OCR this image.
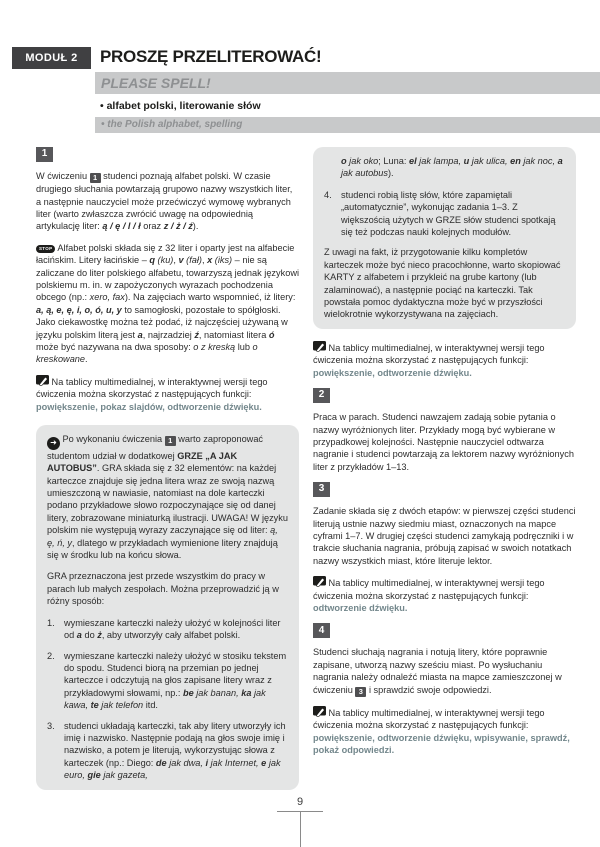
MODUŁ 2	PROSZĘ PRZELITEROWAĆ!
PLEASE SPELL!
• alfabet polski, literowanie słów
• the Polish alphabet, spelling
1

W ćwiczeniu 1 studenci poznają alfabet polski. W czasie drugiego słuchania powtarzają grupowo nazwy wszystkich liter, a następnie nauczyciel może przećwiczyć wymowę wybranych liter (warto zwłaszcza zwrócić uwagę na odpowiednią artykulację liter: ą / ę / l / ł oraz z / ż / ź).

STOP Alfabet polski składa się z 32 liter i oparty jest na alfabecie łacińskim. Litery łacińskie – q (ku), v (fał), x (iks) – nie są zaliczane do liter polskiego alfabetu, towarzyszą jednak językowi polskiemu m. in. w zapożyczonych wyrazach pochodzenia obcego (np.: xero, fax). Na zajęciach warto wspomnieć, iż litery: a, ą, e, ę, i, o, ó, u, y to samogłoski, pozostałe to spółgłoski. Jako ciekawostkę można też podać, iż najczęściej używaną w języku polskim literą jest a, najrzadziej ź, natomiast litera ó może być nazywana na dwa sposoby: o z kreską lub o kreskowane.

Na tablicy multimedialnej, w interaktywnej wersji tego ćwiczenia można skorzystać z następujących funkcji: powiększenie, pokaz slajdów, odtworzenie dźwięku.

➜ Po wykonaniu ćwiczenia 1 warto zaproponować studentom udział w dodatkowej GRZE „A JAK AUTOBUS”. GRA składa się z 32 elementów: na każdej karteczce znajduje się jedna litera wraz ze swoją nazwą umieszczoną w nawiasie, natomiast na dole karteczki podano przykładowe słowo rozpoczynające się od danej litery, zobrazowane miniaturką ilustracji. UWAGA! W języku polskim nie występują wyrazy zaczynające się od liter: ą, ę, ń, y, dlatego w przykładach wymienione litery znajdują się w środku lub na końcu słowa.

GRA przeznaczona jest przede wszystkim do pracy w parach lub małych zespołach. Można przeprowadzić ją w różny sposób:

1.	wymieszane karteczki należy ułożyć w kolejności liter od a do ż, aby utworzyły cały alfabet polski.
2.	wymieszane karteczki należy ułożyć w stosiku tekstem do spodu. Studenci biorą na przemian po jednej karteczce i odczytują na głos zapisane litery wraz z przykładowymi słowami, np.: be jak banan, ka jak kawa, te jak telefon itd.
3.	studenci układają karteczki, tak aby litery utworzyły ich imię i nazwisko. Następnie podają na głos swoje imię i nazwisko, a potem je literują, wykorzystując słowa z karteczek (np.: Diego: de jak dwa, i jak Internet, e jak euro, gie jak gazeta,

o jak oko; Luna: el jak lampa, u jak ulica, en jak noc, a jak autobus).

4.	studenci robią listę słów, które zapamiętali „automatycznie”, wykonując zadania 1–3. Z większością użytych w GRZE słów studenci spotkają się też podczas nauki kolejnych modułów.

Z uwagi na fakt, iż przygotowanie kilku kompletów karteczek może być nieco pracochłonne, warto skopiować KARTY z alfabetem i przykleić na grube kartony (lub zalaminować), a następnie pociąć na karteczki. Tak powstała pomoc dydaktyczna może być w przyszłości wielokrotnie wykorzystywana na zajęciach.

Na tablicy multimedialnej, w interaktywnej wersji tego ćwiczenia można skorzystać z następujących funkcji: powiększenie, odtworzenie dźwięku.

2

Praca w parach. Studenci nawzajem zadają sobie pytania o nazwy wyróżnionych liter. Przykłady mogą być wybierane w przypadkowej kolejności. Następnie nauczyciel odtwarza nagranie i studenci powtarzają za lektorem nazwy wyróżnionych liter z przykładów 1–13.

3

Zadanie składa się z dwóch etapów: w pierwszej części studenci literują ustnie nazwy siedmiu miast, oznaczonych na mapce cyframi 1–7. W drugiej części studenci zamykają podręczniki i w trakcie słuchania nagrania, próbują zapisać w swoich notatkach nazwy wszystkich miast, które literuje lektor.

Na tablicy multimedialnej, w interaktywnej wersji tego ćwiczenia można skorzystać z następujących funkcji: odtworzenie dźwięku.

4

Studenci słuchają nagrania i notują litery, które poprawnie zapisane, utworzą nazwy sześciu miast. Po wysłuchaniu nagrania należy odnaleźć miasta na mapce zamieszczonej w ćwiczeniu 3 i sprawdzić swoje odpowiedzi.

Na tablicy multimedialnej, w interaktywnej wersji tego ćwiczenia można skorzystać z następujących funkcji: powiększenie, odtworzenie dźwięku, wpisywanie, sprawdź, pokaż odpowiedzi.

9
